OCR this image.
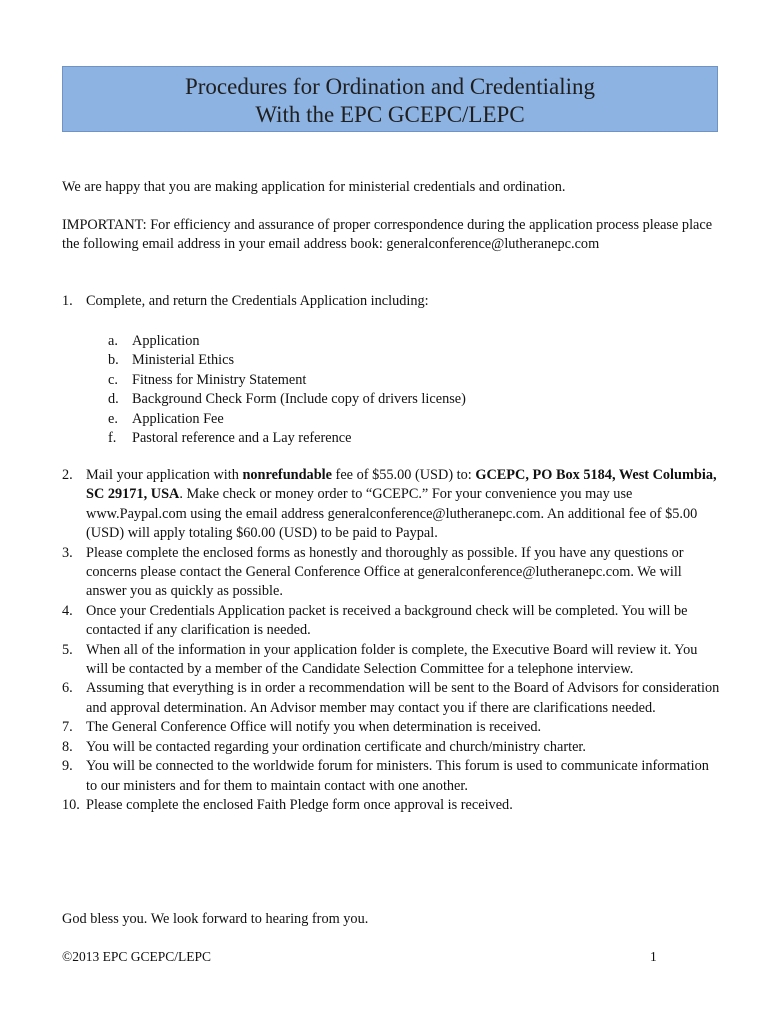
Procedures for Ordination and Credentialing
With the EPC GCEPC/LEPC

We are happy that you are making application for ministerial credentials and ordination.

IMPORTANT: For efficiency and assurance of proper correspondence during the application process please place the following email address in your email address book: generalconference@lutheranepc.com

1. Complete, and return the Credentials Application including:
a. Application
b. Ministerial Ethics
c. Fitness for Ministry Statement
d. Background Check Form (Include copy of drivers license)
e. Application Fee
f.	Pastoral reference and a Lay reference
2. Mail your application with nonrefundable fee of $55.00 (USD) to: GCEPC, PO Box 5184, West Columbia, SC 29171, USA. Make check or money order to “GCEPC.” For your convenience you may use www.Paypal.com using the email address generalconference@lutheranepc.com. An additional fee of $5.00 (USD) will apply totaling $60.00 (USD) to be paid to Paypal.
3. Please complete the enclosed forms as honestly and thoroughly as possible. If you have any questions or concerns please contact the General Conference Office at generalconference@lutheranepc.com. We will answer you as quickly as possible.
4. Once your Credentials Application packet is received a background check will be completed. You will be contacted if any clarification is needed.
5. When all of the information in your application folder is complete, the Executive Board will review it. You will be contacted by a member of the Candidate Selection Committee for a telephone interview.
6. Assuming that everything is in order a recommendation will be sent to the Board of Advisors for consideration and approval determination. An Advisor member may contact you if there are clarifications needed.
7. The General Conference Office will notify you when determination is received.
8. You will be contacted regarding your ordination certificate and church/ministry charter.
9. You will be connected to the worldwide forum for ministers. This forum is used to communicate information to our ministers and for them to maintain contact with one another.
10. Please complete the enclosed Faith Pledge form once approval is received.

God bless you. We look forward to hearing from you.

©2013 EPC GCEPC/LEPC	1
